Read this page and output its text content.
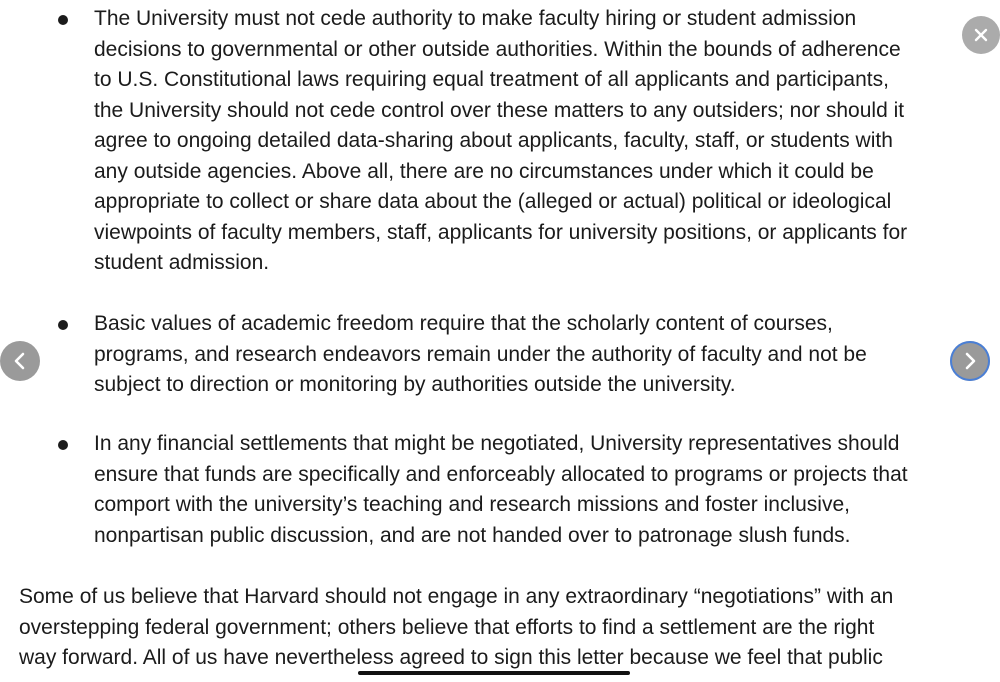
The University must not cede authority to make faculty hiring or student admission
decisions to governmental or other outside authorities. Within the bounds of adherence
to U.S. Constitutional laws requiring equal treatment of all applicants and participants,
the University should not cede control over these matters to any outsiders; nor should it
agree to ongoing detailed data-sharing about applicants, faculty, staff, or students with
any outside agencies. Above all, there are no circumstances under which it could be
appropriate to collect or share data about the (alleged or actual) political or ideological
viewpoints of faculty members, staff, applicants for university positions, or applicants for
student admission.
Basic values of academic freedom require that the scholarly content of courses,
programs, and research endeavors remain under the authority of faculty and not be
subject to direction or monitoring by authorities outside the university.
In any financial settlements that might be negotiated, University representatives should
ensure that funds are specifically and enforceably allocated to programs or projects that
comport with the university’s teaching and research missions and foster inclusive,
nonpartisan public discussion, and are not handed over to patronage slush funds.
Some of us believe that Harvard should not engage in any extraordinary “negotiations” with an
overstepping federal government; others believe that efforts to find a settlement are the right
way forward. All of us have nevertheless agreed to sign this letter because we feel that public
